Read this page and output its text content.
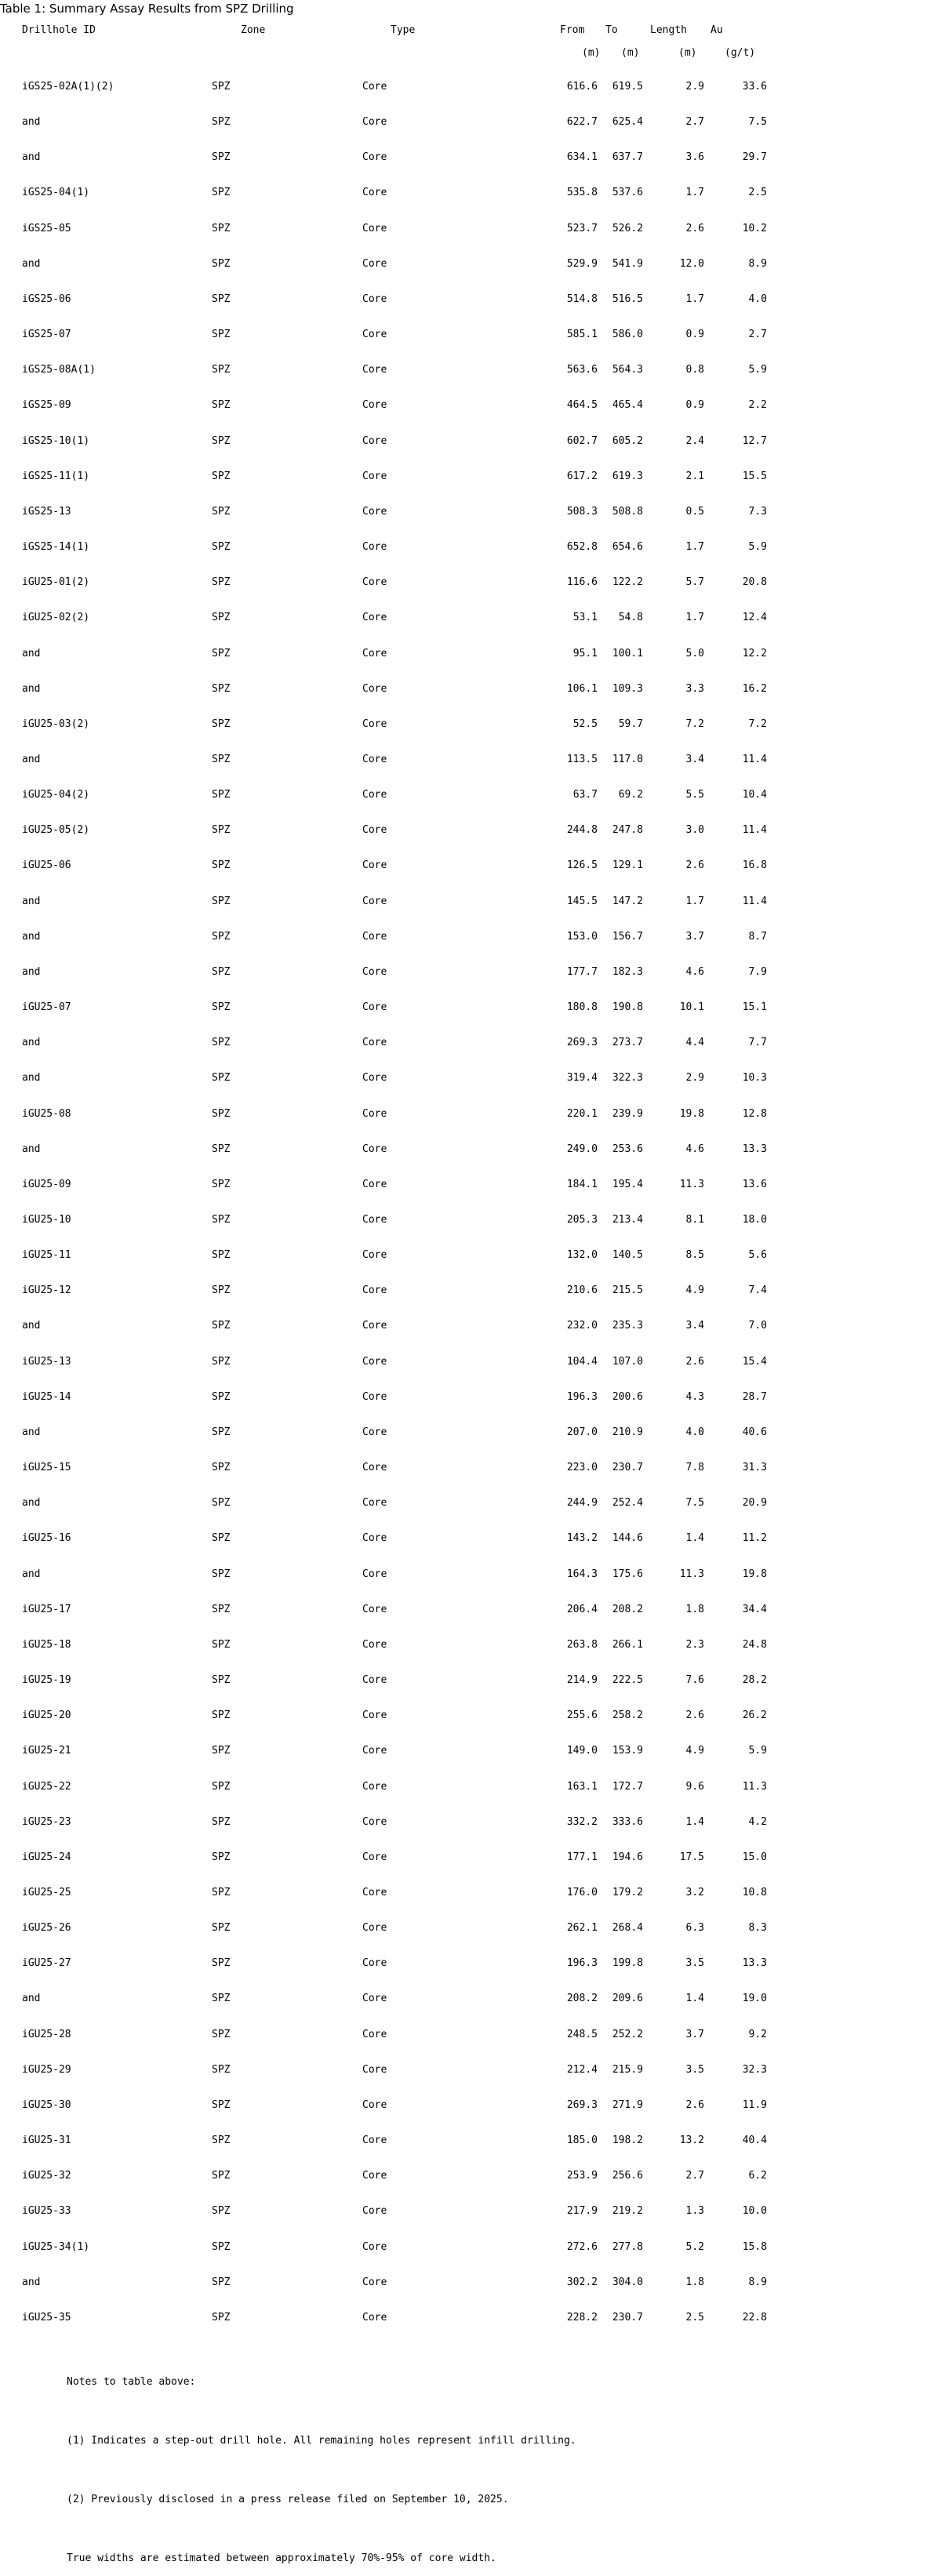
Table 1: Summary Assay Results from SPZ Drilling
Drillhole ID	Zone	Type	From To	Length Au
(m) (m)	(m)	(g/t)
iGS25-02A(1)(2)	SPZ	Core	616.6	619.5	2.9	33.6
and	SPZ	Core	622.7	625.4	2.7	7.5
and	SPZ	Core	634.1	637.7	3.6	29.7
iGS25-04(1)	SPZ	Core	535.8	537.6	1.7	2.5
iGS25-05	SPZ	Core	523.7	526.2	2.6	10.2
and	SPZ	Core	529.9	541.9	12.0	8.9
iGS25-06	SPZ	Core	514.8	516.5	1.7	4.0
iGS25-07	SPZ	Core	585.1	586.0	0.9	2.7
iGS25-08A(1)	SPZ	Core	563.6	564.3	0.8	5.9
iGS25-09	SPZ	Core	464.5	465.4	0.9	2.2
iGS25-10(1)	SPZ	Core	602.7	605.2	2.4	12.7
iGS25-11(1)	SPZ	Core	617.2	619.3	2.1	15.5
iGS25-13	SPZ	Core	508.3	508.8	0.5	7.3
iGS25-14(1)	SPZ	Core	652.8	654.6	1.7	5.9
iGU25-01(2)	SPZ	Core	116.6	122.2	5.7	20.8
iGU25-02(2)	SPZ	Core	53.1	54.8	1.7	12.4
and	SPZ	Core	95.1	100.1	5.0	12.2
and	SPZ	Core	106.1	109.3	3.3	16.2
iGU25-03(2)	SPZ	Core	52.5	59.7	7.2	7.2
and	SPZ	Core	113.5	117.0	3.4	11.4
iGU25-04(2)	SPZ	Core	63.7	69.2	5.5	10.4
iGU25-05(2)	SPZ	Core	244.8	247.8	3.0	11.4
iGU25-06	SPZ	Core	126.5	129.1	2.6	16.8
and	SPZ	Core	145.5	147.2	1.7	11.4
and	SPZ	Core	153.0	156.7	3.7	8.7
and	SPZ	Core	177.7	182.3	4.6	7.9
iGU25-07	SPZ	Core	180.8	190.8	10.1	15.1
and	SPZ	Core	269.3	273.7	4.4	7.7
and	SPZ	Core	319.4	322.3	2.9	10.3
iGU25-08	SPZ	Core	220.1	239.9	19.8	12.8
and	SPZ	Core	249.0	253.6	4.6	13.3
iGU25-09	SPZ	Core	184.1	195.4	11.3	13.6
iGU25-10	SPZ	Core	205.3	213.4	8.1	18.0
iGU25-11	SPZ	Core	132.0	140.5	8.5	5.6
iGU25-12	SPZ	Core	210.6	215.5	4.9	7.4
and	SPZ	Core	232.0	235.3	3.4	7.0
iGU25-13	SPZ	Core	104.4	107.0	2.6	15.4
iGU25-14	SPZ	Core	196.3	200.6	4.3	28.7
and	SPZ	Core	207.0	210.9	4.0	40.6
iGU25-15	SPZ	Core	223.0	230.7	7.8	31.3
and	SPZ	Core	244.9	252.4	7.5	20.9
iGU25-16	SPZ	Core	143.2	144.6	1.4	11.2
and	SPZ	Core	164.3	175.6	11.3	19.8
iGU25-17	SPZ	Core	206.4	208.2	1.8	34.4
iGU25-18	SPZ	Core	263.8	266.1	2.3	24.8
iGU25-19	SPZ	Core	214.9	222.5	7.6	28.2
iGU25-20	SPZ	Core	255.6	258.2	2.6	26.2
iGU25-21	SPZ	Core	149.0	153.9	4.9	5.9
iGU25-22	SPZ	Core	163.1	172.7	9.6	11.3
iGU25-23	SPZ	Core	332.2	333.6	1.4	4.2
iGU25-24	SPZ	Core	177.1	194.6	17.5	15.0
iGU25-25	SPZ	Core	176.0	179.2	3.2	10.8
iGU25-26	SPZ	Core	262.1	268.4	6.3	8.3
iGU25-27	SPZ	Core	196.3	199.8	3.5	13.3
and	SPZ	Core	208.2	209.6	1.4	19.0
iGU25-28	SPZ	Core	248.5	252.2	3.7	9.2
iGU25-29	SPZ	Core	212.4	215.9	3.5	32.3
iGU25-30	SPZ	Core	269.3	271.9	2.6	11.9
iGU25-31	SPZ	Core	185.0	198.2	13.2	40.4
iGU25-32	SPZ	Core	253.9	256.6	2.7	6.2
iGU25-33	SPZ	Core	217.9	219.2	1.3	10.0
iGU25-34(1)	SPZ	Core	272.6	277.8	5.2	15.8
and	SPZ	Core	302.2	304.0	1.8	8.9
iGU25-35	SPZ	Core	228.2	230.7	2.5	22.8
Notes to table above:
(1) Indicates a step-out drill hole. All remaining holes represent infill drilling.
(2) Previously disclosed in a press release filed on September 10, 2025.
True widths are estimated between approximately 70%-95% of core width.
